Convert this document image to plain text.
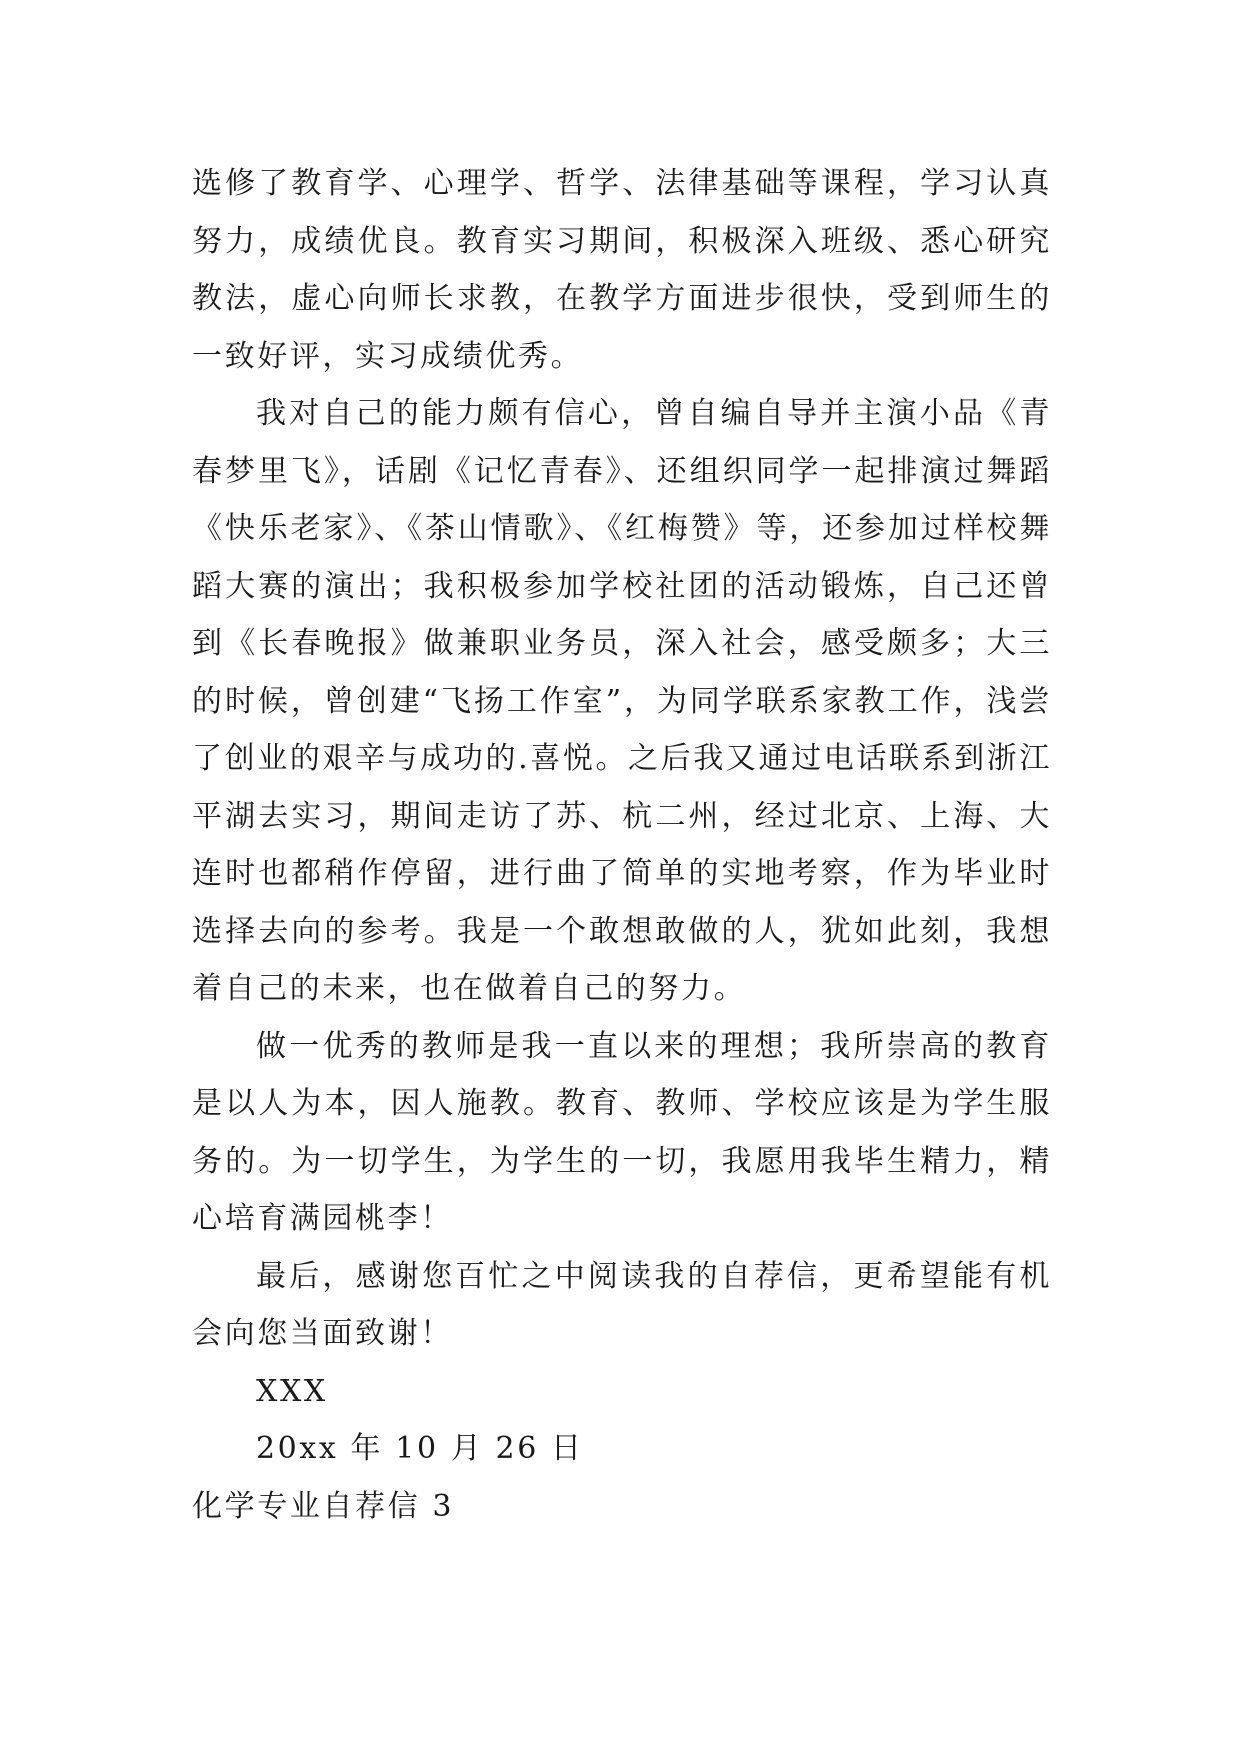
选修了教育学、心理学、哲学、法律基础等课程，学习认真努力，成绩优良。教育实习期间，积极深入班级、悉心研究教法，虚心向师长求教，在教学方面进步很快，受到师生的一致好评，实习成绩优秀。

我对自己的能力颇有信心，曾自编自导并主演小品《青春梦里飞》，话剧《记忆青春》、还组织同学一起排演过舞蹈《快乐老家》、《茶山情歌》、《红梅赞》等，还参加过样校舞蹈大赛的演出；我积极参加学校社团的活动锻炼，自己还曾到《长春晚报》做兼职业务员，深入社会，感受颇多；大三的时候，曾创建“飞扬工作室”，为同学联系家教工作，浅尝了创业的艰辛与成功的.喜悦。之后我又通过电话联系到浙江平湖去实习，期间走访了苏、杭二州，经过北京、上海、大连时也都稍作停留，进行曲了简单的实地考察，作为毕业时选择去向的参考。我是一个敢想敢做的人，犹如此刻，我想着自己的未来，也在做着自己的努力。

做一优秀的教师是我一直以来的理想；我所崇高的教育是以人为本，因人施教。教育、教师、学校应该是为学生服务的。为一切学生，为学生的一切，我愿用我毕生精力，精心培育满园桃李！

最后，感谢您百忙之中阅读我的自荐信，更希望能有机会向您当面致谢！

XXX

20xx 年 10 月 26 日

化学专业自荐信 3
